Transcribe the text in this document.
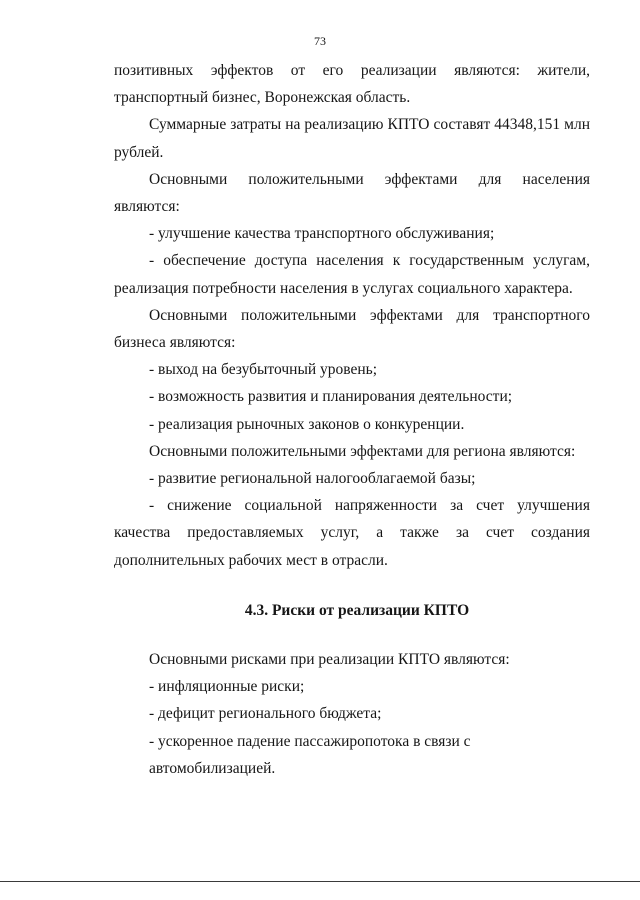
73

позитивных эффектов от его реализации являются: жители, транспортный бизнес, Воронежская область.

Суммарные затраты на реализацию КПТО составят 44348,151 млн рублей.

Основными положительными эффектами для населения являются:

- улучшение качества транспортного обслуживания;

- обеспечение доступа населения к государственным услугам, реализация потребности населения в услугах социального характера.

Основными положительными эффектами для транспортного бизнеса являются:

- выход на безубыточный уровень;

- возможность развития и планирования деятельности;

- реализация рыночных законов о конкуренции.

Основными положительными эффектами для региона являются:

- развитие региональной налогооблагаемой базы;

- снижение социальной напряженности за счет улучшения качества предоставляемых услуг, а также за счет создания дополнительных рабочих мест в отрасли.

4.3. Риски от реализации КПТО

Основными рисками при реализации КПТО являются:

- инфляционные риски;

- дефицит регионального бюджета;

- ускоренное падение пассажиропотока в связи с автомобилизацией.
